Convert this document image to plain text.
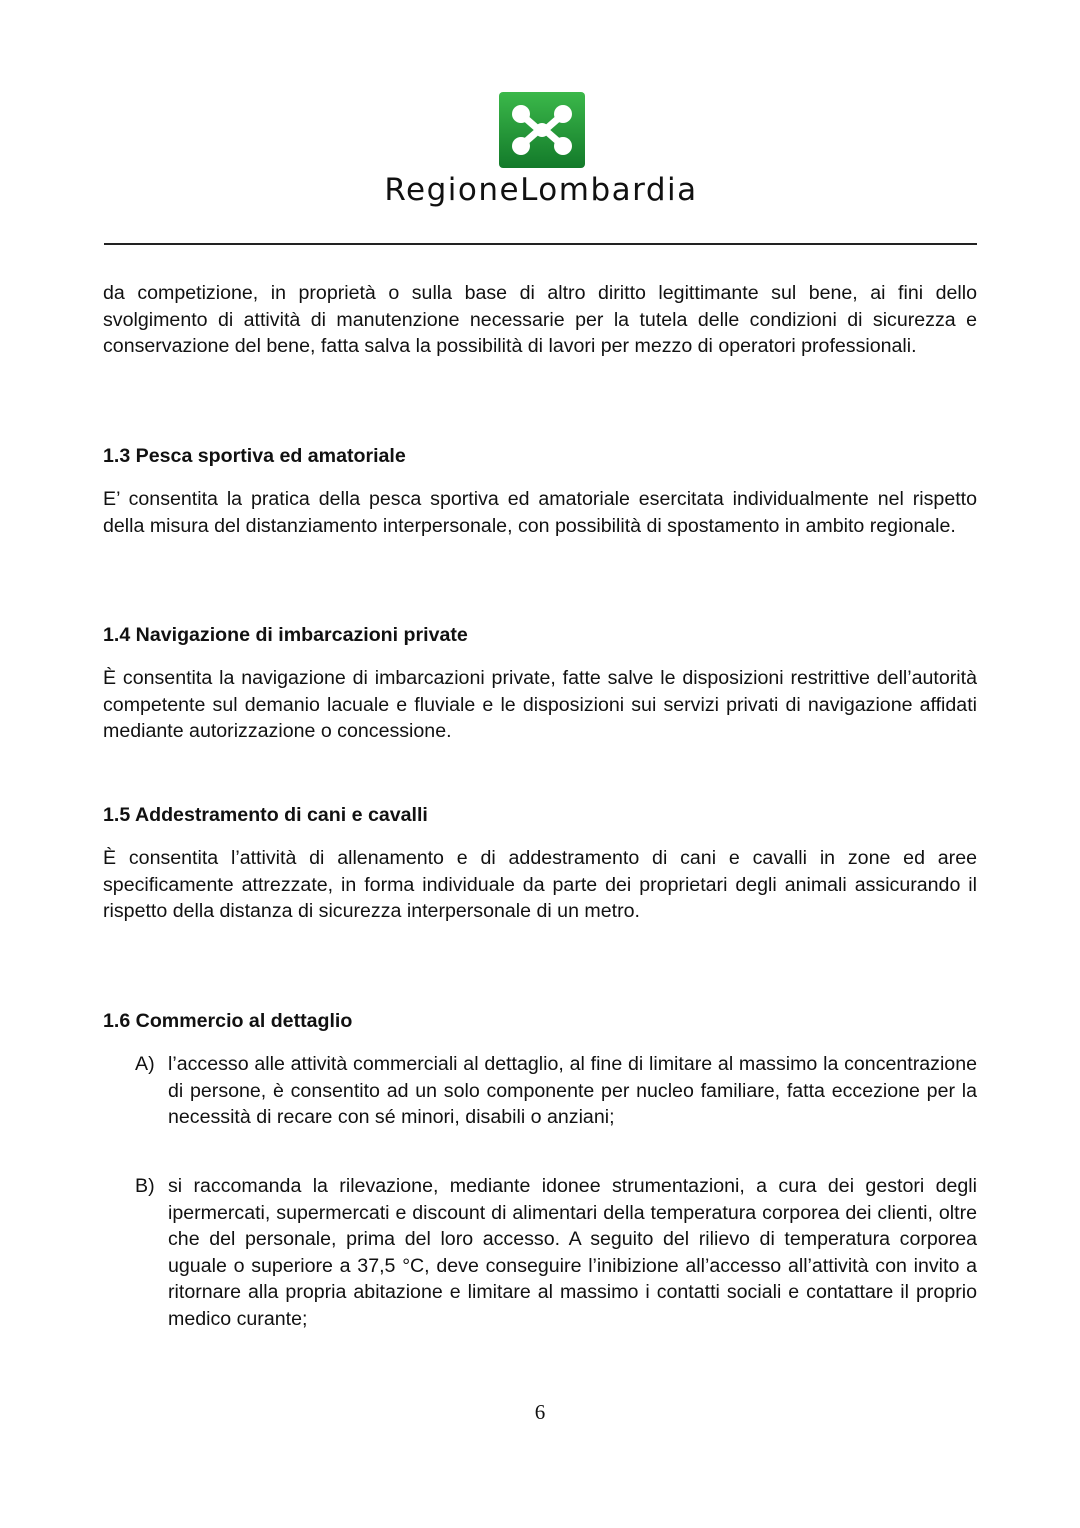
RegioneLombardia

da competizione, in proprietà o sulla base di altro diritto legittimante sul bene, ai fini dello svolgimento di attività di manutenzione necessarie per la tutela delle condizioni di sicurezza e conservazione del bene, fatta salva la possibilità di lavori per mezzo di operatori professionali.

1.3 Pesca sportiva ed amatoriale

E’ consentita la pratica della pesca sportiva ed amatoriale esercitata individualmente nel rispetto della misura del distanziamento interpersonale, con possibilità di spostamento in ambito regionale.

1.4 Navigazione di imbarcazioni private

È consentita la navigazione di imbarcazioni private, fatte salve le disposizioni restrittive dell’autorità competente sul demanio lacuale e fluviale e le disposizioni sui servizi privati di navigazione affidati mediante autorizzazione o concessione.

1.5 Addestramento di cani e cavalli

È consentita l’attività di allenamento e di addestramento di cani e cavalli in zone ed aree specificamente attrezzate, in forma individuale da parte dei proprietari degli animali assicurando il rispetto della distanza di sicurezza interpersonale di un metro.

1.6 Commercio al dettaglio
A) l’accesso alle attività commerciali al dettaglio, al fine di limitare al massimo la concentrazione di persone, è consentito ad un solo componente per nucleo familiare, fatta eccezione per la necessità di recare con sé minori, disabili o anziani;

B) si raccomanda la rilevazione, mediante idonee strumentazioni, a cura dei gestori degli ipermercati, supermercati e discount di alimentari della temperatura corporea dei clienti, oltre che del personale, prima del loro accesso. A seguito del rilievo di temperatura corporea uguale o superiore a 37,5 °C, deve conseguire l’inibizione all’accesso all’attività con invito a ritornare alla propria abitazione e limitare al massimo i contatti sociali e contattare il proprio medico curante;

6
